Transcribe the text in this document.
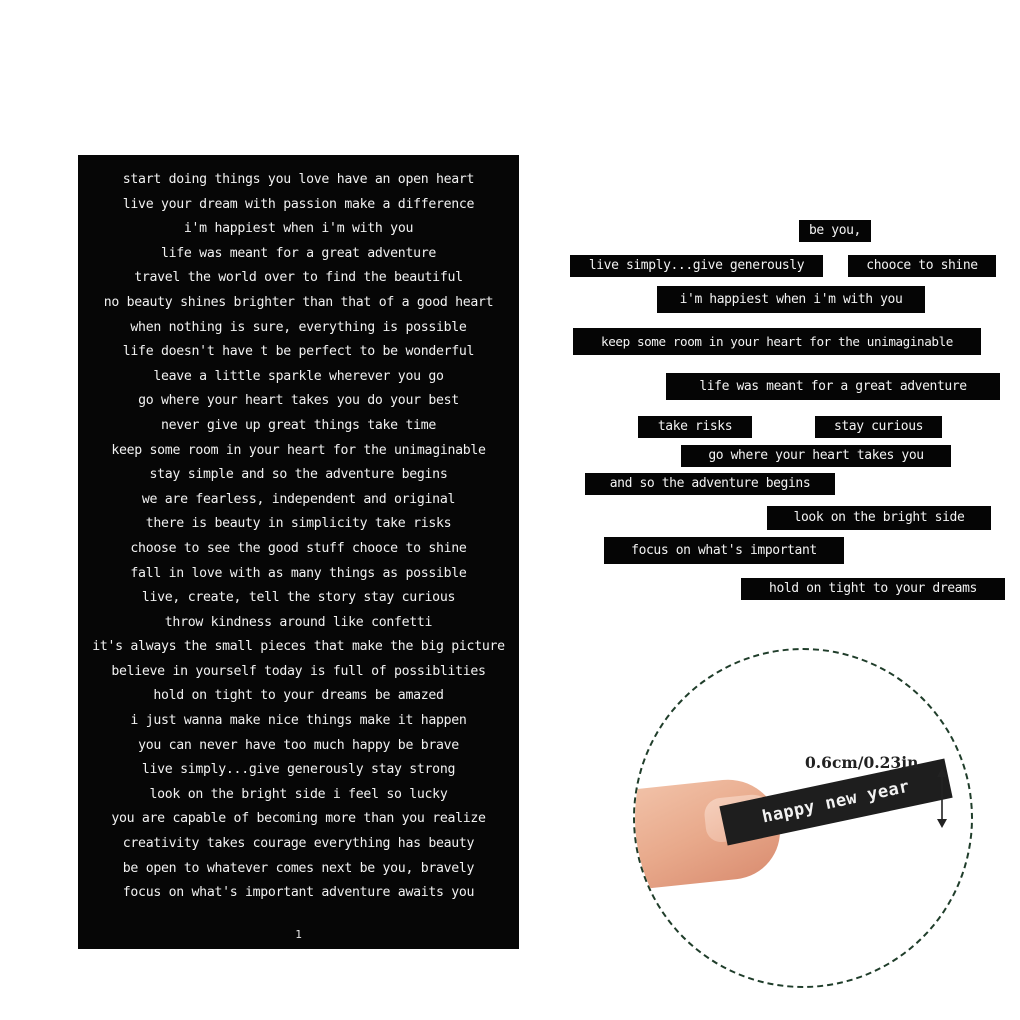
start doing things you love have an open heart
live your dream with passion make a difference
i'm happiest when i'm with you
life was meant for a great adventure
travel the world over to find the beautiful
no beauty shines brighter than that of a good heart
when nothing is sure, everything is possible
life doesn't have t be perfect to be wonderful
leave a little sparkle wherever you go
go where your heart takes you do your best
never give up great things take time
keep some room in your heart for the unimaginable
stay simple and so the adventure begins
we are fearless, independent and original
there is beauty in simplicity take risks
choose to see the good stuff chooce to shine
fall in love with as many things as possible
live, create, tell the story stay curious
throw kindness around like confetti
it's always the small pieces that make the big picture
believe in yourself today is full of possiblities
hold on tight to your dreams be amazed
i just wanna make nice things make it happen
you can never have too much happy be brave
live simply...give generously stay strong
look on the bright side i feel so lucky
you are capable of becoming more than you realize
creativity takes courage everything has beauty
be open to whatever comes next be you, bravely
focus on what's important adventure awaits you
1
be you,
live simply...give generously	chooce to shine
i'm happiest when i'm with you
keep some room in your heart for the unimaginable
life was meant for a great adventure
take risks	stay curious
go where your heart takes you
and so the adventure begins
look on the bright side
focus on what's important
hold on tight to your dreams
happy new year
0.6cm/0.23in
